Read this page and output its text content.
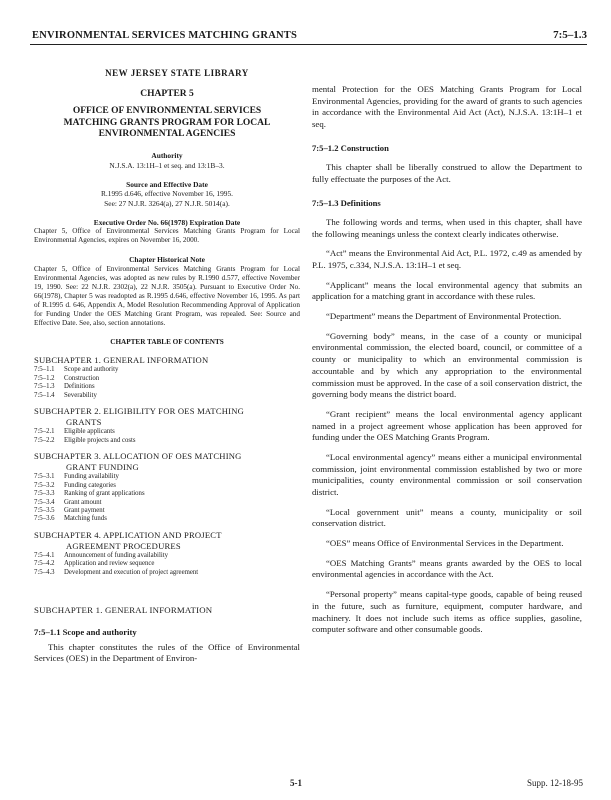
ENVIRONMENTAL SERVICES MATCHING GRANTS	7:5–1.3
NEW JERSEY STATE LIBRARY
CHAPTER 5
OFFICE OF ENVIRONMENTAL SERVICES MATCHING GRANTS PROGRAM FOR LOCAL ENVIRONMENTAL AGENCIES
Authority
N.J.S.A. 13:1H–1 et seq. and 13:1B–3.
Source and Effective Date
R.1995 d.646, effective November 16, 1995.
See: 27 N.J.R. 3264(a), 27 N.J.R. 5014(a).
Executive Order No. 66(1978) Expiration Date
Chapter 5, Office of Environmental Services Matching Grants Program for Local Environmental Agencies, expires on November 16, 2000.
Chapter Historical Note
Chapter 5, Office of Environmental Services Matching Grants Program for Local Environmental Agencies, was adopted as new rules by R.1990 d.577, effective November 19, 1990. See: 22 N.J.R. 2302(a), 22 N.J.R. 3505(a). Pursuant to Executive Order No. 66(1978), Chapter 5 was readopted as R.1995 d.646, effective November 16, 1995. As part of R.1995 d. 646, Appendix A, Model Resolution Recommending Approval of Application for Funding Under the OES Matching Grant Program, was repealed. See: Source and Effective Date. See, also, section annotations.
CHAPTER TABLE OF CONTENTS
SUBCHAPTER 1. GENERAL INFORMATION
7:5–1.1	Scope and authority
7:5–1.2	Construction
7:5–1.3	Definitions
7:5–1.4	Severability
SUBCHAPTER 2. ELIGIBILITY FOR OES MATCHING
GRANTS
7:5–2.1	Eligible applicants
7:5–2.2	Eligible projects and costs
SUBCHAPTER 3. ALLOCATION OF OES MATCHING
GRANT FUNDING
7:5–3.1	Funding availability
7:5–3.2	Funding categories
7:5–3.3	Ranking of grant applications
7:5–3.4	Grant amount
7:5–3.5	Grant payment
7:5–3.6	Matching funds
SUBCHAPTER 4. APPLICATION AND PROJECT
AGREEMENT PROCEDURES
7:5–4.1	Announcement of funding availability
7:5–4.2	Application and review sequence
7:5–4.3	Development and execution of project agreement
SUBCHAPTER 1. GENERAL INFORMATION
7:5–1.1 Scope and authority
This chapter constitutes the rules of the Office of Environmental Services (OES) in the Department of Environ-
mental Protection for the OES Matching Grants Program for Local Environmental Agencies, providing for the award of grants to such agencies in accordance with the Environmental Aid Act (Act), N.J.S.A. 13:1H–1 et seq.
7:5–1.2 Construction
This chapter shall be liberally construed to allow the Department to fully effectuate the purposes of the Act.
7:5–1.3 Definitions
The following words and terms, when used in this chapter, shall have the following meanings unless the context clearly indicates otherwise.
“Act” means the Environmental Aid Act, P.L. 1972, c.49 as amended by P.L. 1975, c.334, N.J.S.A. 13:1H–1 et seq.
“Applicant” means the local environmental agency that submits an application for a matching grant in accordance with these rules.
“Department” means the Department of Environmental Protection.
“Governing body” means, in the case of a county or municipal environmental commission, the elected board, council, or committee of a county or municipality to which an environmental commission is accountable and by which any appropriation to the environmental commission must be approved. In the case of a soil conservation district, the governing body means the district board.
“Grant recipient” means the local environmental agency applicant named in a project agreement whose application has been approved for funding under the OES Matching Grants Program.
“Local environmental agency” means either a municipal environmental commission, joint environmental commission established by two or more municipalities, county environmental commission or soil conservation district.
“Local government unit” means a county, municipality or soil conservation district.
“OES” means Office of Environmental Services in the Department.
“OES Matching Grants” means grants awarded by the OES to local environmental agencies in accordance with the Act.
“Personal property” means capital-type goods, capable of being reused in the future, such as furniture, equipment, computer hardware, and machinery. It does not include such items as office supplies, gasoline, computer software and other consumable goods.
5-1	Supp. 12-18-95
